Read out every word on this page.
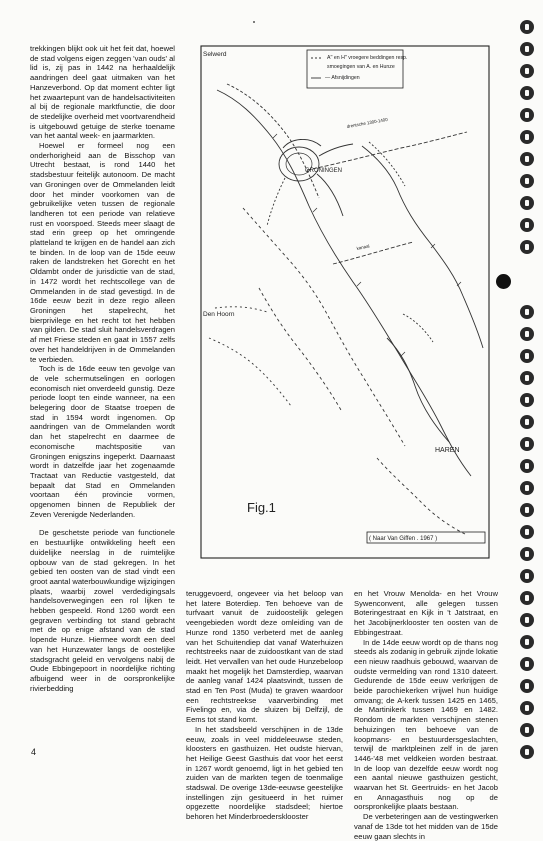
trekkingen blijkt ook uit het feit dat, hoewel de stad volgens eigen zeggen 'van ouds' al lid is, zij pas in 1442 na herhaaldelijk aandringen deel gaat uitmaken van het Hanzeverbond. Op dat moment echter ligt het zwaartepunt van de handelsactiviteiten al bij de regionale marktfunctie, die door de stedelijke overheid met voortvarendheid is uitgebouwd getuige de sterke toename van het aantal week- en jaarmarkten.

Hoewel er formeel nog een onderhorigheid aan de Bisschop van Utrecht bestaat, is rond 1440 het stadsbestuur feitelijk autonoom. De macht van Groningen over de Ommelanden leidt door het minder voorkomen van de gebruikelijke veten tussen de regionale landheren tot een periode van relatieve rust en voorspoed. Steeds meer slaagt de stad erin greep op het omringende platteland te krijgen en de handel aan zich te binden. In de loop van de 15de eeuw raken de landstreken het Gorecht en het Oldambt onder de jurisdictie van de stad, in 1472 wordt het rechtscollege van de Ommelanden in de stad gevestigd. In de 16de eeuw bezit in deze regio alleen Groningen het stapelrecht, het bierprivilege en het recht tot het hebben van gilden. De stad sluit handelsverdragen af met Friese steden en gaat in 1557 zelfs over het handeldrijven in de Ommelanden te verbieden.

Toch is de 16de eeuw ten gevolge van de vele schermutselingen en oorlogen economisch niet onverdeeld gunstig. Deze periode loopt ten einde wanneer, na een belegering door de Staatse troepen de stad in 1594 wordt ingenomen. Op aandringen van de Ommelanden wordt dan het stapelrecht en daarmee de economische machtspositie van Groningen enigszins ingeperkt. Daarnaast wordt in datzelfde jaar het zogenaamde Tractaat van Reductie vastgesteld, dat bepaalt dat Stad en Ommelanden voortaan één provincie vormen, opgenomen binnen de Republiek der Zeven Verenigde Nederlanden.

De geschetste periode van functionele en bestuurlijke ontwikkeling heeft een duidelijke neerslag in de ruimtelijke opbouw van de stad gekregen. In het gebied ten oosten van de stad vindt een groot aantal waterbouwkundige wijzigingen plaats, waarbij zowel verdedigingsals handelsoverwegingen een rol lijken te hebben gespeeld. Rond 1260 wordt een gegraven verbinding tot stand gebracht met de op enige afstand van de stad lopende Hunze. Hiermee wordt een deel van het Hunzewater langs de oostelijke stadsgracht geleid en vervolgens nabij de Oude Ebbingepoort in noordelijke richting afbuigend weer in de oorspronkelijke rivierbedding

Selwerd	A'' en H'' vroegere beddingen resp.
smoegingen van A. en Hunze
— Afsnijdingen
GRONINGEN
drentsche 1300-1400
kanaal
Den Hoorn
HAREN
Fig.1
( Naar Van Giffen . 1967 )

teruggevoerd, ongeveer via het beloop van het latere Boterdiep. Ten behoeve van de turfvaart vanuit de zuidoostelijk gelegen veengebieden wordt deze omleiding van de Hunze rond 1350 verbeterd met de aanleg van het Schuitendiep dat vanaf Waterhuizen rechtstreeks naar de zuidoostkant van de stad leidt. Het vervallen van het oude Hunzebeloop maakt het mogelijk het Damsterdiep, waarvan de aanleg vanaf 1424 plaatsvindt, tussen de stad en Ten Post (Muda) te graven waardoor een rechtstreekse vaarverbinding met Fivelingo en, via de sluizen bij Delfzijl, de Eems tot stand komt.

In het stadsbeeld verschijnen in de 13de eeuw, zoals in veel middeleeuwse steden, kloosters en gasthuizen. Het oudste hiervan, het Heilige Geest Gasthuis dat voor het eerst in 1267 wordt genoemd, ligt in het gebied ten zuiden van de markten tegen de toenmalige stadswal. De overige 13de-eeuwse geestelijke instellingen zijn gesitueerd in het ruimer opgezette noordelijke stadsdeel; hiertoe behoren het Minderbroedersklooster

en het Vrouw Menolda- en het Vrouw Sywenconvent, alle gelegen tussen Boteringestraat en Kijk in 't Jatstraat, en het Jacobijnerklooster ten oosten van de Ebbingestraat.

In de 14de eeuw wordt op de thans nog steeds als zodanig in gebruik zijnde lokatie een nieuw raadhuis gebouwd, waarvan de oudste vermelding van rond 1310 dateert. Gedurende de 15de eeuw verkrijgen de beide parochiekerken vrijwel hun huidige omvang; de A-kerk tussen 1425 en 1465, de Martinikerk tussen 1469 en 1482. Rondom de markten verschijnen stenen behuizingen ten behoeve van de koopmans- en bestuurdersgeslachten, terwijl de marktpleinen zelf in de jaren 1446-'48 met veldkeien worden bestraat. In de loop van dezelfde eeuw wordt nog een aantal nieuwe gasthuizen gesticht, waarvan het St. Geertruids- en het Jacob en Annagasthuis nog op de oorspronkelijke plaats bestaan.

De verbeteringen aan de vestingwerken vanaf de 13de tot het midden van de 15de eeuw gaan slechts in

4
